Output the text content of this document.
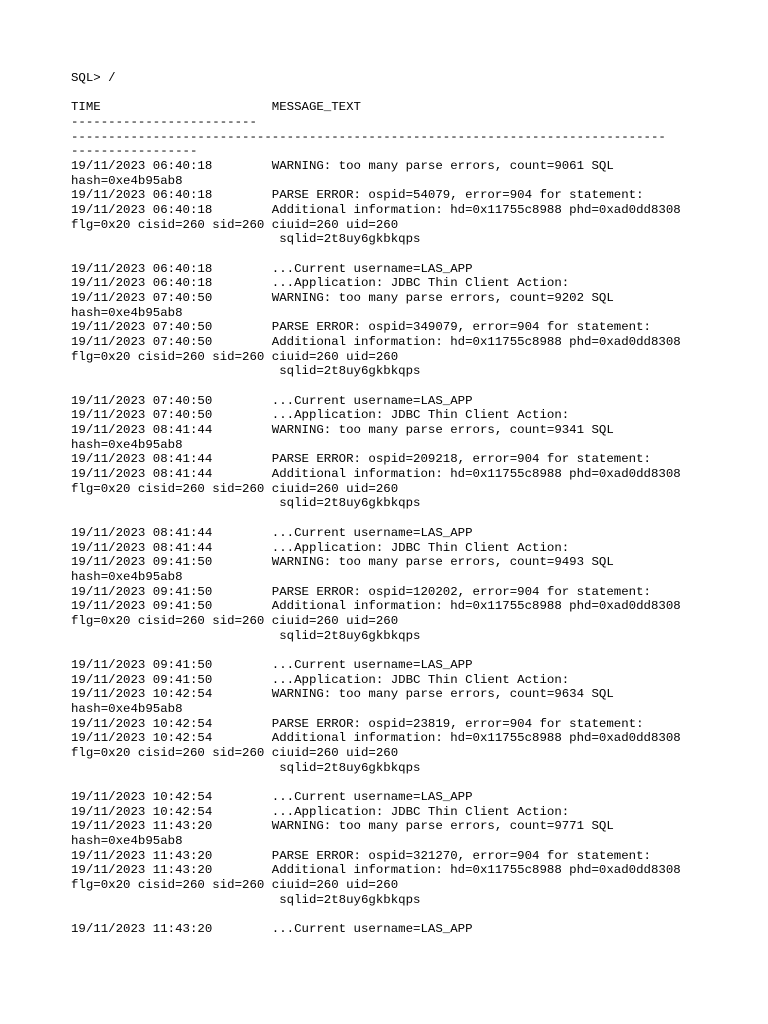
SQL> /
TIME                       MESSAGE_TEXT
-------------------------
--------------------------------------------------------------------------------
-----------------
19/11/2023 06:40:18        WARNING: too many parse errors, count=9061 SQL
hash=0xe4b95ab8
19/11/2023 06:40:18        PARSE ERROR: ospid=54079, error=904 for statement:
19/11/2023 06:40:18        Additional information: hd=0x11755c8988 phd=0xad0dd8308
flg=0x20 cisid=260 sid=260 ciuid=260 uid=260
sqlid=2t8uy6gkbkqps
19/11/2023 06:40:18        ...Current username=LAS_APP
19/11/2023 06:40:18        ...Application: JDBC Thin Client Action:
19/11/2023 07:40:50        WARNING: too many parse errors, count=9202 SQL
hash=0xe4b95ab8
19/11/2023 07:40:50        PARSE ERROR: ospid=349079, error=904 for statement:
19/11/2023 07:40:50        Additional information: hd=0x11755c8988 phd=0xad0dd8308
flg=0x20 cisid=260 sid=260 ciuid=260 uid=260
sqlid=2t8uy6gkbkqps
19/11/2023 07:40:50        ...Current username=LAS_APP
19/11/2023 07:40:50        ...Application: JDBC Thin Client Action:
19/11/2023 08:41:44        WARNING: too many parse errors, count=9341 SQL
hash=0xe4b95ab8
19/11/2023 08:41:44        PARSE ERROR: ospid=209218, error=904 for statement:
19/11/2023 08:41:44        Additional information: hd=0x11755c8988 phd=0xad0dd8308
flg=0x20 cisid=260 sid=260 ciuid=260 uid=260
sqlid=2t8uy6gkbkqps
19/11/2023 08:41:44        ...Current username=LAS_APP
19/11/2023 08:41:44        ...Application: JDBC Thin Client Action:
19/11/2023 09:41:50        WARNING: too many parse errors, count=9493 SQL
hash=0xe4b95ab8
19/11/2023 09:41:50        PARSE ERROR: ospid=120202, error=904 for statement:
19/11/2023 09:41:50        Additional information: hd=0x11755c8988 phd=0xad0dd8308
flg=0x20 cisid=260 sid=260 ciuid=260 uid=260
sqlid=2t8uy6gkbkqps
19/11/2023 09:41:50        ...Current username=LAS_APP
19/11/2023 09:41:50        ...Application: JDBC Thin Client Action:
19/11/2023 10:42:54        WARNING: too many parse errors, count=9634 SQL
hash=0xe4b95ab8
19/11/2023 10:42:54        PARSE ERROR: ospid=23819, error=904 for statement:
19/11/2023 10:42:54        Additional information: hd=0x11755c8988 phd=0xad0dd8308
flg=0x20 cisid=260 sid=260 ciuid=260 uid=260
sqlid=2t8uy6gkbkqps
19/11/2023 10:42:54        ...Current username=LAS_APP
19/11/2023 10:42:54        ...Application: JDBC Thin Client Action:
19/11/2023 11:43:20        WARNING: too many parse errors, count=9771 SQL
hash=0xe4b95ab8
19/11/2023 11:43:20        PARSE ERROR: ospid=321270, error=904 for statement:
19/11/2023 11:43:20        Additional information: hd=0x11755c8988 phd=0xad0dd8308
flg=0x20 cisid=260 sid=260 ciuid=260 uid=260
sqlid=2t8uy6gkbkqps
19/11/2023 11:43:20        ...Current username=LAS_APP
